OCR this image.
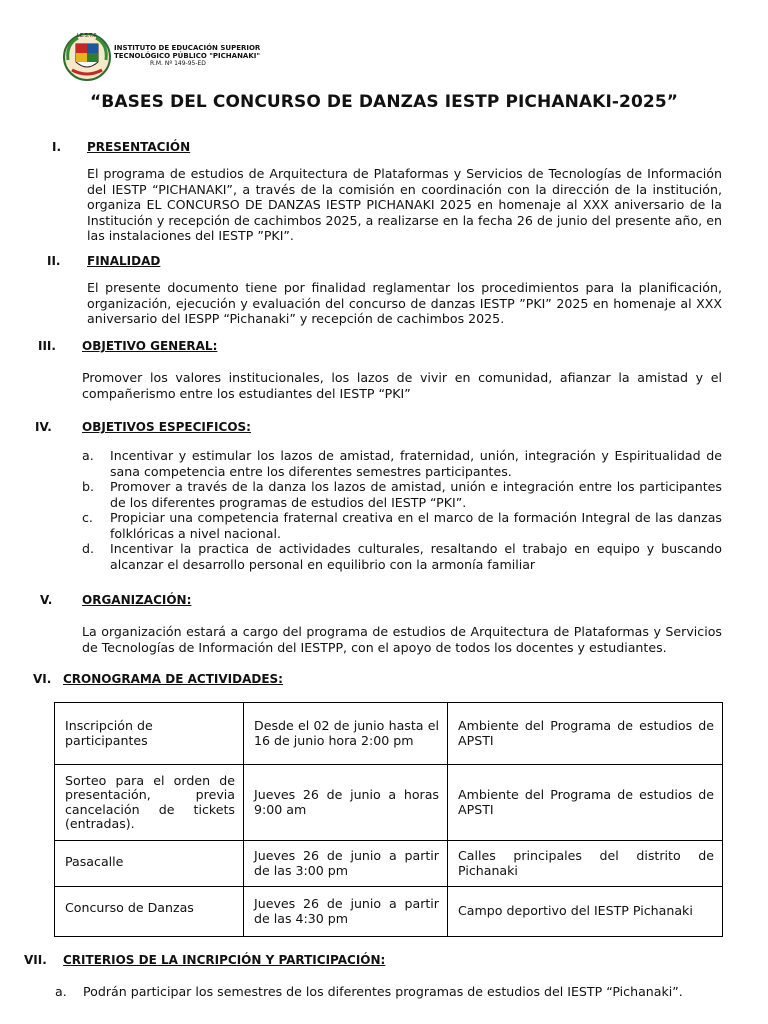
I.E.S.T.P.
INSTITUTO DE EDUCACIÓN SUPERIOR
TECNOLÓGICO PÚBLICO "PICHANAKI"
R.M. Nº 149-95-ED
“BASES DEL CONCURSO DE DANZAS IESTP PICHANAKI-2025”
I. PRESENTACIÓN

El programa de estudios de Arquitectura de Plataformas y Servicios de Tecnologías de Información del IESTP “PICHANAKI”, a través de la comisión en coordinación con la dirección de la institución, organiza EL CONCURSO DE DANZAS IESTP PICHANAKI 2025 en homenaje al XXX aniversario de la Institución y recepción de cachimbos 2025, a realizarse en la fecha 26 de junio del presente año, en las instalaciones del IESTP ”PKI”.

II. FINALIDAD

El presente documento tiene por finalidad reglamentar los procedimientos para la planificación, organización, ejecución y evaluación del concurso de danzas IESTP ”PKI” 2025 en homenaje al XXX aniversario del IESPP “Pichanaki” y recepción de cachimbos 2025.

III. OBJETIVO GENERAL:

Promover los valores institucionales, los lazos de vivir en comunidad, afianzar la amistad y el compañerismo entre los estudiantes del IESTP “PKI”

IV.	OBJETIVOS ESPECIFICOS:
a. Incentivar y estimular los lazos de amistad, fraternidad, unión, integración y Espiritualidad de sana competencia entre los diferentes semestres participantes.
b. Promover a través de la danza los lazos de amistad, unión e integración entre los participantes de los diferentes programas de estudios del IESTP “PKI”.
c. Propiciar una competencia fraternal creativa en el marco de la formación Integral de las danzas folklóricas a nivel nacional.
d. Incentivar la practica de actividades culturales, resaltando el trabajo en equipo y buscando alcanzar el desarrollo personal en equilibrio con la armonía familiar
V. ORGANIZACIÓN:

La organización estará a cargo del programa de estudios de Arquitectura de Plataformas y Servicios de Tecnologías de Información del IESTPP, con el apoyo de todos los docentes y estudiantes.

VI. CRONOGRAMA DE ACTIVIDADES:
Inscripción de participantes	Desde el 02 de junio hasta el 16 de junio hora 2:00 pm	Ambiente del Programa de estudios de APSTI
Sorteo para el orden de presentación, previa cancelación de tickets (entradas).	Jueves 26 de junio a horas 9:00 am	Ambiente del Programa de estudios de APSTI
Pasacalle	Jueves 26 de junio a partir de las 3:00 pm	Calles principales del distrito de Pichanaki
Concurso de Danzas	Jueves 26 de junio a partir de las 4:30 pm	Campo deportivo del IESTP Pichanaki
VII. CRITERIOS DE LA INCRIPCIÓN Y PARTICIPACIÓN:
a. Podrán participar los semestres de los diferentes programas de estudios del IESTP “Pichanaki”.
